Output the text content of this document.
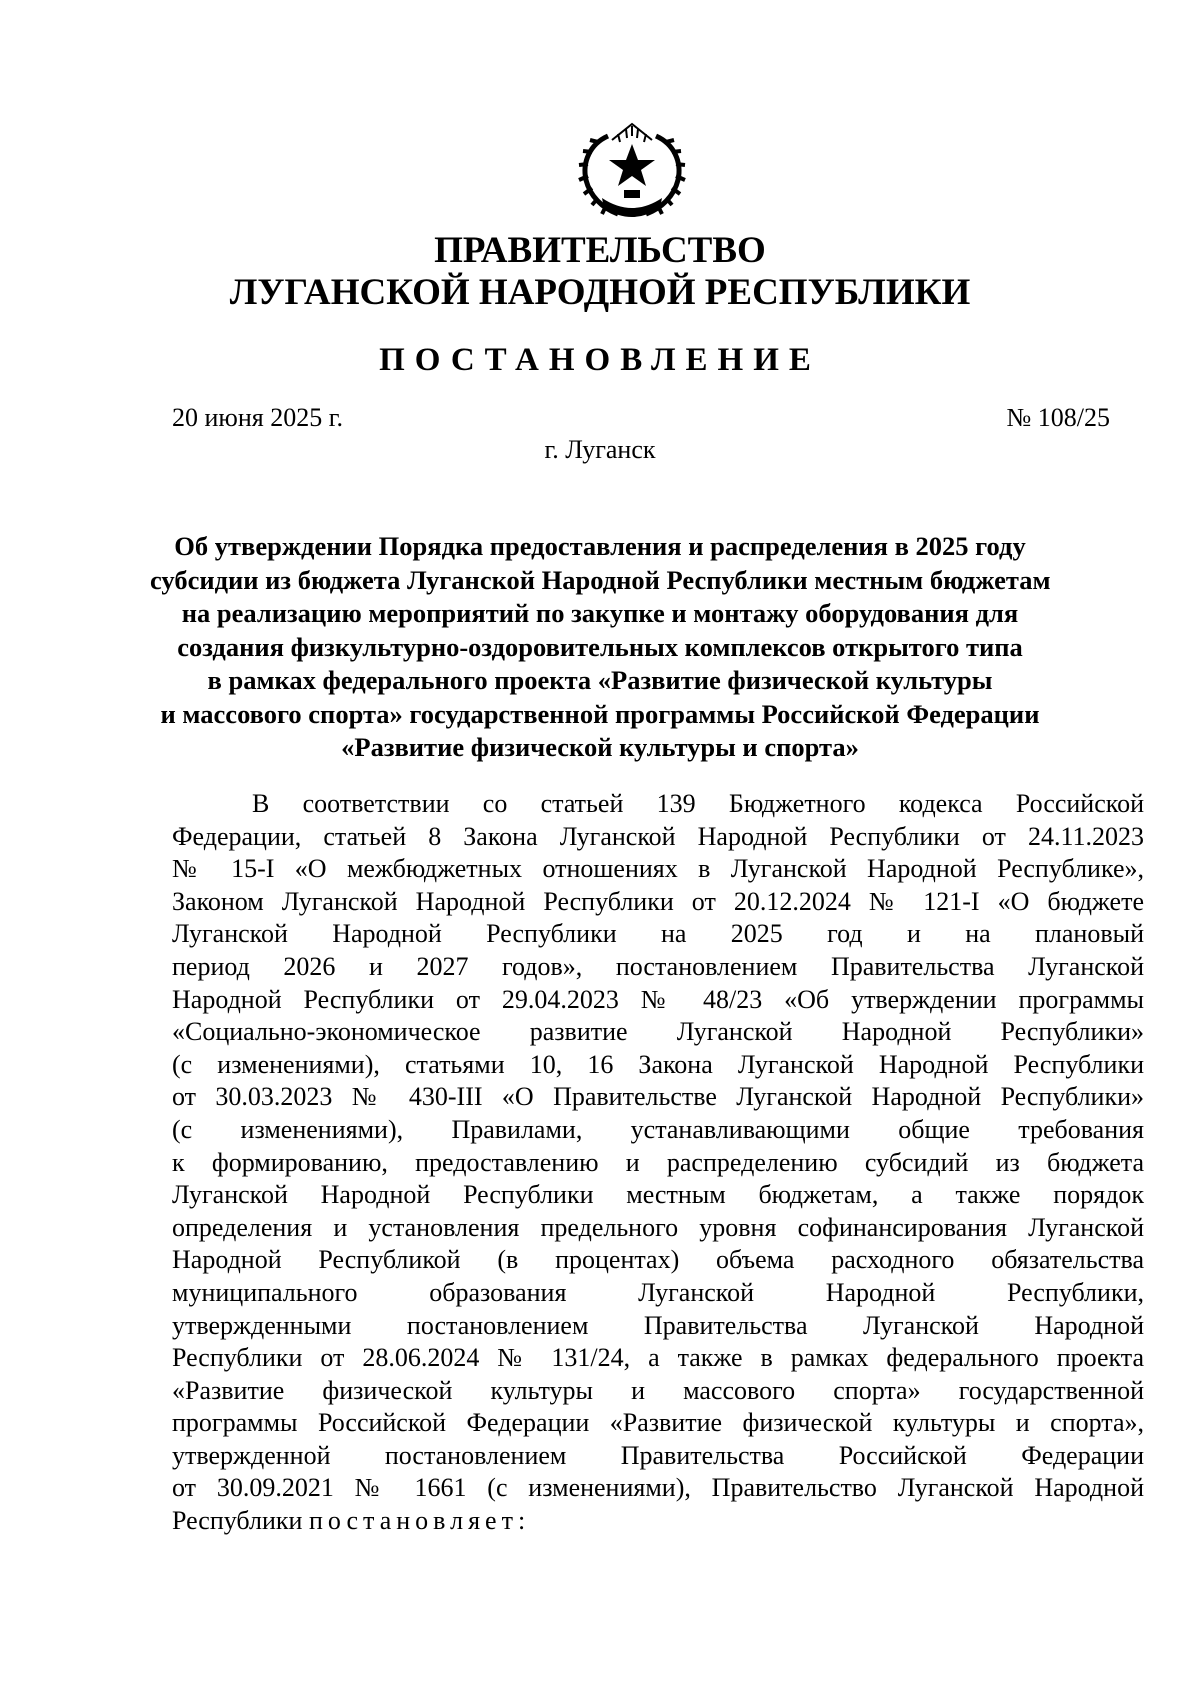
ПРАВИТЕЛЬСТВО
ЛУГАНСКОЙ НАРОДНОЙ РЕСПУБЛИКИ
ПОСТАНОВЛЕНИЕ
20 июня 2025 г.	№ 108/25
г. Луганск
Об утверждении Порядка предоставления и распределения в 2025 году
субсидии из бюджета Луганской Народной Республики местным бюджетам
на реализацию мероприятий по закупке и монтажу оборудования для
создания физкультурно-оздоровительных комплексов открытого типа
в рамках федерального проекта «Развитие физической культуры
и массового спорта» государственной программы Российской Федерации
«Развитие физической культуры и спорта»
В соответствии со статьей 139 Бюджетного кодекса Российской
Федерации, статьей 8 Закона Луганской Народной Республики от 24.11.2023
№ 15-I «О межбюджетных отношениях в Луганской Народной Республике»,
Законом Луганской Народной Республики от 20.12.2024 № 121-I «О бюджете
Луганской Народной Республики на 2025 год и на плановый
период 2026 и 2027 годов», постановлением Правительства Луганской
Народной Республики от 29.04.2023 № 48/23 «Об утверждении программы
«Социально-экономическое развитие Луганской Народной Республики»
(с изменениями), статьями 10, 16 Закона Луганской Народной Республики
от 30.03.2023 № 430-III «О Правительстве Луганской Народной Республики»
(с изменениями), Правилами, устанавливающими общие требования
к формированию, предоставлению и распределению субсидий из бюджета
Луганской Народной Республики местным бюджетам, а также порядок
определения и установления предельного уровня софинансирования Луганской
Народной Республикой (в процентах) объема расходного обязательства
муниципального образования Луганской Народной Республики,
утвержденными постановлением Правительства Луганской Народной
Республики от 28.06.2024 № 131/24, а также в рамках федерального проекта
«Развитие физической культуры и массового спорта» государственной
программы Российской Федерации «Развитие физической культуры и спорта»,
утвержденной постановлением Правительства Российской Федерации
от 30.09.2021 № 1661 (с изменениями), Правительство Луганской Народной
Республики постановляет:
